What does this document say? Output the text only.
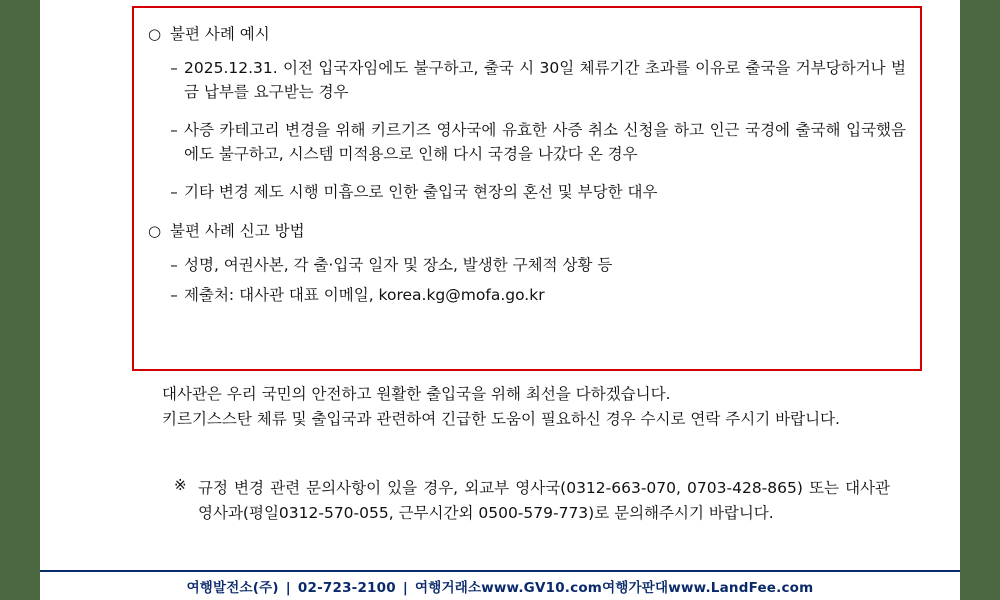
○ 불편 사례 예시
– 2025.12.31. 이전 입국자임에도 불구하고, 출국 시 30일 체류기간 초과를 이유로 출국을 거부당하거나 벌금 납부를 요구받는 경우
– 사증 카테고리 변경을 위해 키르기즈 영사국에 유효한 사증 취소 신청을 하고 인근 국경에 출국해 입국했음에도 불구하고, 시스템 미적용으로 인해 다시 국경을 나갔다 온 경우
– 기타 변경 제도 시행 미흡으로 인한 출입국 현장의 혼선 및 부당한 대우
○ 불편 사례 신고 방법
– 성명, 여권사본, 각 출·입국 일자 및 장소, 발생한 구체적 상황 등
– 제출처: 대사관 대표 이메일, korea.kg@mofa.go.kr

대사관은 우리 국민의 안전하고 원활한 출입국을 위해 최선을 다하겠습니다.

키르기스스탄 체류 및 출입국과 관련하여 긴급한 도움이 필요하신 경우 수시로 연락 주시기 바랍니다.

※ 규정 변경 관련 문의사항이 있을 경우, 외교부 영사국(0312-663-070, 0703-428-865) 또는 대사관 영사과(평일0312-570-055, 근무시간외 0500-579-773)로 문의해주시기 바랍니다.
여행발전소(주) | 02-723-2100 | 여행거래소www.GV10.com여행가판대www.LandFee.com
